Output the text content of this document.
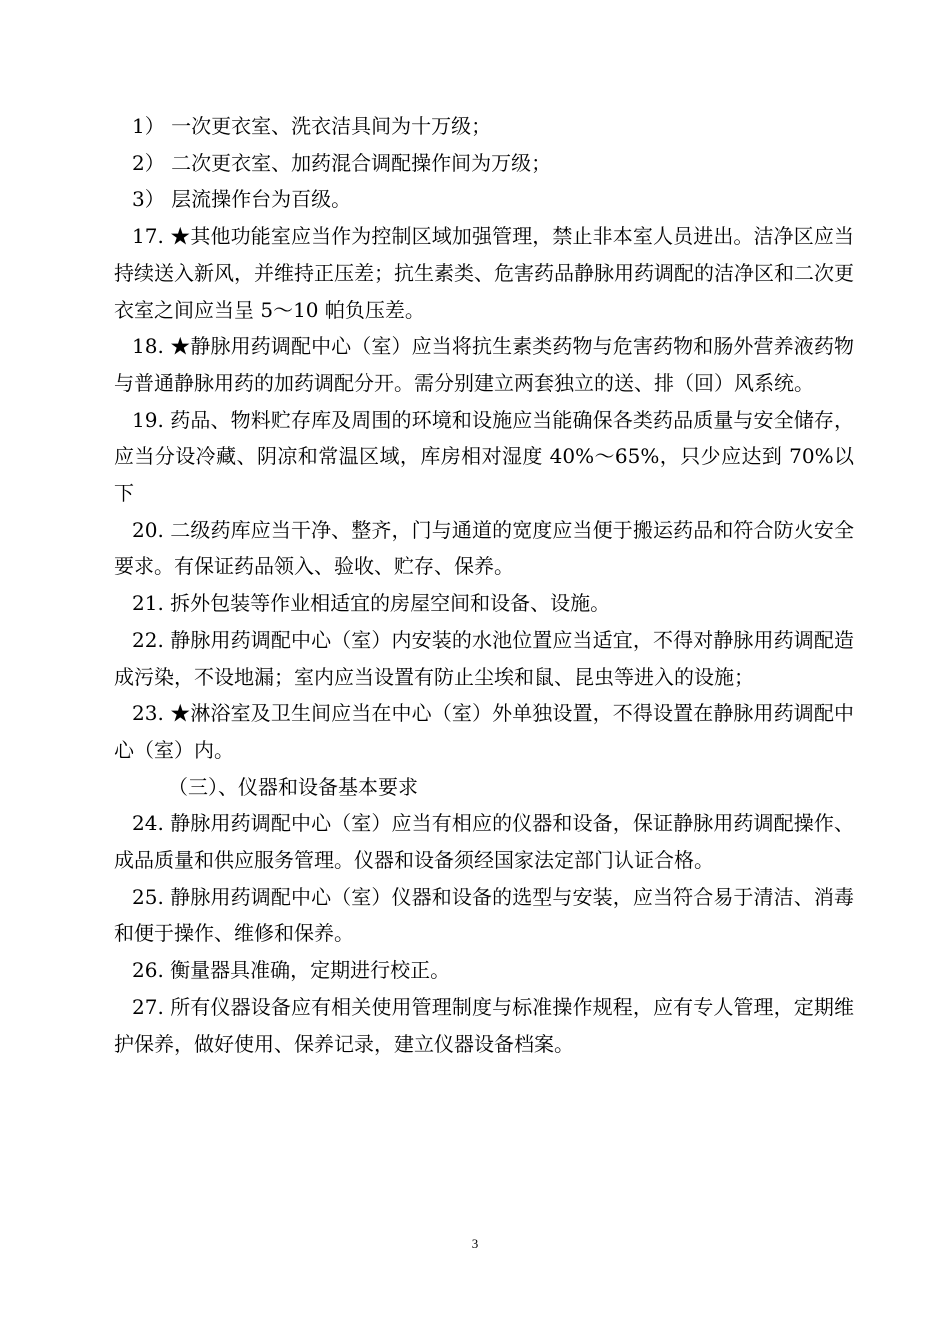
1） 一次更衣室、洗衣洁具间为十万级；

2） 二次更衣室、加药混合调配操作间为万级；

3） 层流操作台为百级。

17. ★其他功能室应当作为控制区域加强管理，禁止非本室人员进出。洁净区应当持续送入新风，并维持正压差；抗生素类、危害药品静脉用药调配的洁净区和二次更衣室之间应当呈 5～10 帕负压差。

18. ★静脉用药调配中心（室）应当将抗生素类药物与危害药物和肠外营养液药物与普通静脉用药的加药调配分开。需分别建立两套独立的送、排（回）风系统。

19. 药品、物料贮存库及周围的环境和设施应当能确保各类药品质量与安全储存，应当分设冷藏、阴凉和常温区域，库房相对湿度 40%～65%，只少应达到 70%以下

20. 二级药库应当干净、整齐，门与通道的宽度应当便于搬运药品和符合防火安全要求。有保证药品领入、验收、贮存、保养。

21. 拆外包装等作业相适宜的房屋空间和设备、设施。

22. 静脉用药调配中心（室）内安装的水池位置应当适宜，不得对静脉用药调配造成污染，不设地漏；室内应当设置有防止尘埃和鼠、昆虫等进入的设施；

23. ★淋浴室及卫生间应当在中心（室）外单独设置，不得设置在静脉用药调配中心（室）内。

（三）、仪器和设备基本要求

24. 静脉用药调配中心（室）应当有相应的仪器和设备，保证静脉用药调配操作、成品质量和供应服务管理。仪器和设备须经国家法定部门认证合格。

25. 静脉用药调配中心（室）仪器和设备的选型与安装，应当符合易于清洁、消毒和便于操作、维修和保养。

26. 衡量器具准确，定期进行校正。

27. 所有仪器设备应有相关使用管理制度与标准操作规程，应有专人管理，定期维护保养，做好使用、保养记录，建立仪器设备档案。

3
